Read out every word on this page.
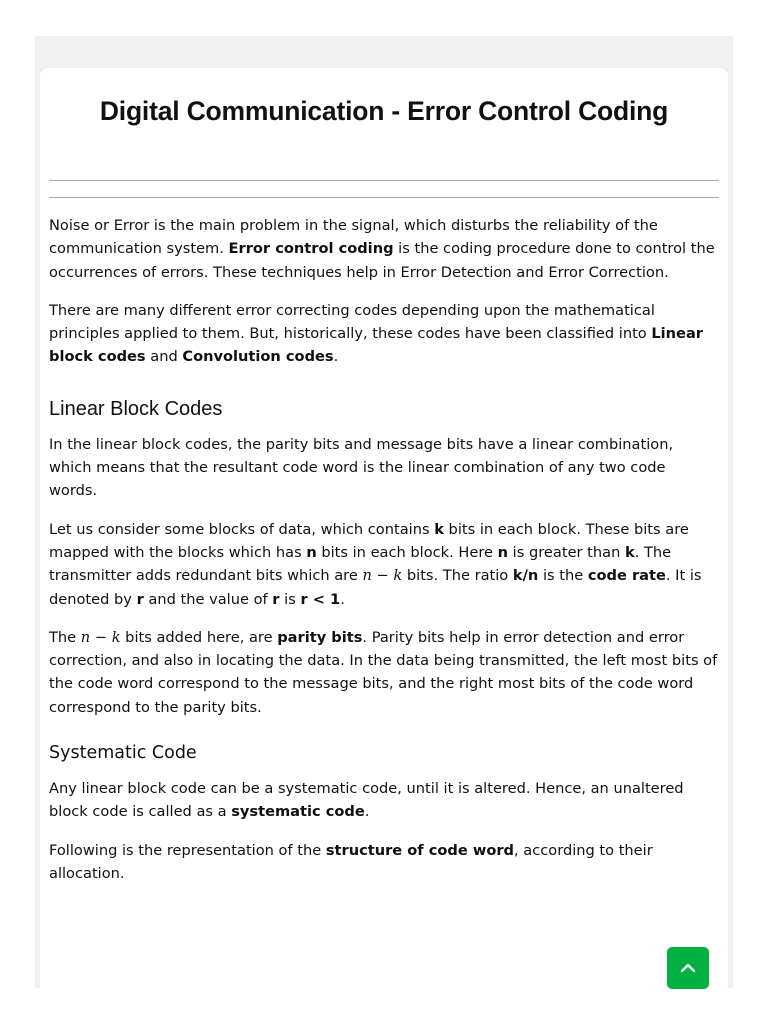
Digital Communication - Error Control Coding

Noise or Error is the main problem in the signal, which disturbs the reliability of the communication system. Error control coding is the coding procedure done to control the occurrences of errors. These techniques help in Error Detection and Error Correction.

There are many different error correcting codes depending upon the mathematical principles applied to them. But, historically, these codes have been classified into Linear block codes and Convolution codes.

Linear Block Codes

In the linear block codes, the parity bits and message bits have a linear combination, which means that the resultant code word is the linear combination of any two code words.

Let us consider some blocks of data, which contains k bits in each block. These bits are mapped with the blocks which has n bits in each block. Here n is greater than k. The transmitter adds redundant bits which are n − k bits. The ratio k/n is the code rate. It is denoted by r and the value of r is r < 1.

The n − k bits added here, are parity bits. Parity bits help in error detection and error correction, and also in locating the data. In the data being transmitted, the left most bits of the code word correspond to the message bits, and the right most bits of the code word correspond to the parity bits.

Systematic Code

Any linear block code can be a systematic code, until it is altered. Hence, an unaltered block code is called as a systematic code.

Following is the representation of the structure of code word, according to their allocation.
